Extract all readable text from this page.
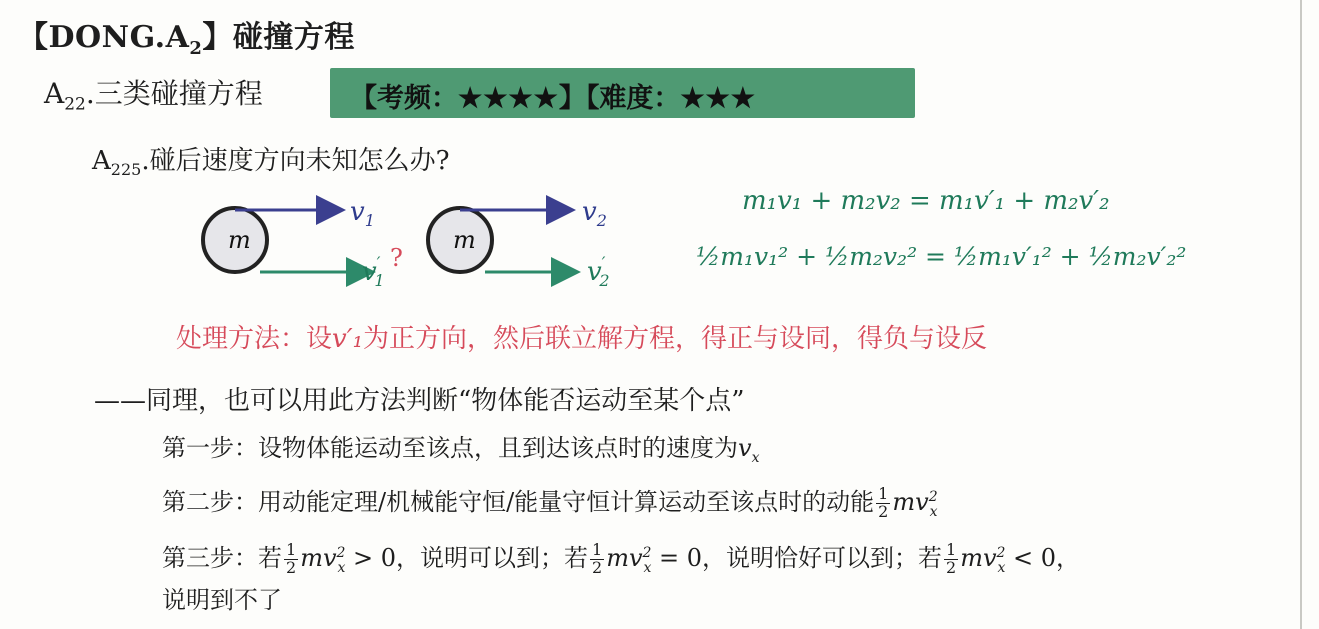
【$DONG.A_2$】碰撞方程
$A_{22}$.三类碰撞方程	【考频：★★★★】【难度：★★★
$A_{225}$.碰后速度方向未知怎么办?
m
$v_1$
v′ 1
?
m
$v_2$
v′ 2
m₁v₁ + m₂v₂ = m₁v′₁ + m₂v′₂
½m₁v₁² + ½m₂v₂² = ½m₁v′₁² + ½m₂v′₂²
处理方法：设v′₁为正方向，然后联立解方程，得正与设同，得负与设反
——同理，也可以用此方法判断“物体能否运动至某个点”
第一步：设物体能运动至该点，且到达该点时的速度为$v_x$
第二步：用动能定理/机械能守恒/能量守恒计算运动至该点时的动能 $\frac{1}{2} mv^2_x$
第三步：若 $\frac{1}{2} mv^2_x > 0$，说明可以到；若 $\frac{1}{2} mv^2_x = 0$，说明恰好可以到；若 $\frac{1}{2} mv^2_x < 0$，
说明到不了
